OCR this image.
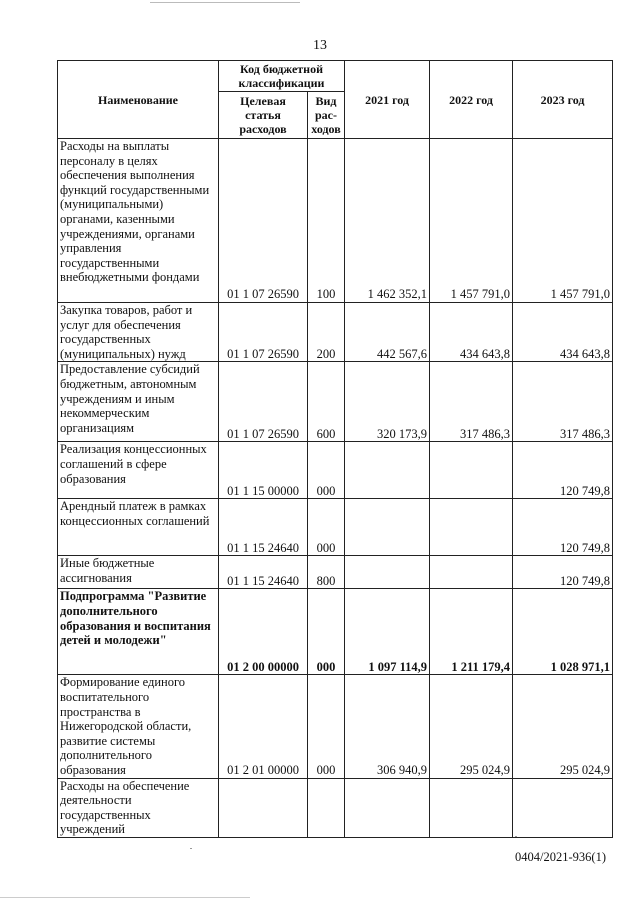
13
Наименование	Код бюджетной классификации		2021 год	2022 год	2023 год
	Целевая статья расходов	Вид рас-ходов			
Расходы на выплаты персоналу в целях обеспечения выполнения функций государственными (муниципальными) органами, казенными учреждениями, органами управления государственными внебюджетными фондами	01 1 07 26590	100	1 462 352,1	1 457 791,0	1 457 791,0
Закупка товаров, работ и услуг для обеспечения государственных (муниципальных) нужд	01 1 07 26590	200	442 567,6	434 643,8	434 643,8
Предоставление субсидий бюджетным, автономным учреждениям и иным некоммерческим организациям	01 1 07 26590	600	320 173,9	317 486,3	317 486,3
Реализация концессионных соглашений в сфере образования	01 1 15 00000	000			120 749,8
Арендный платеж в рамках концессионных соглашений	01 1 15 24640	000			120 749,8
Иные бюджетные ассигнования	01 1 15 24640	800			120 749,8
Подпрограмма "Развитие дополнительного образования и воспитания детей и молодежи"	01 2 00 00000	000	1 097 114,9	1 211 179,4	1 028 971,1
Формирование единого воспитательного пространства в Нижегородской области, развитие системы дополнительного образования	01 2 01 00000	000	306 940,9	295 024,9	295 024,9
Расходы на обеспечение деятельности государственных учреждений					
0404/2021-936(1)
